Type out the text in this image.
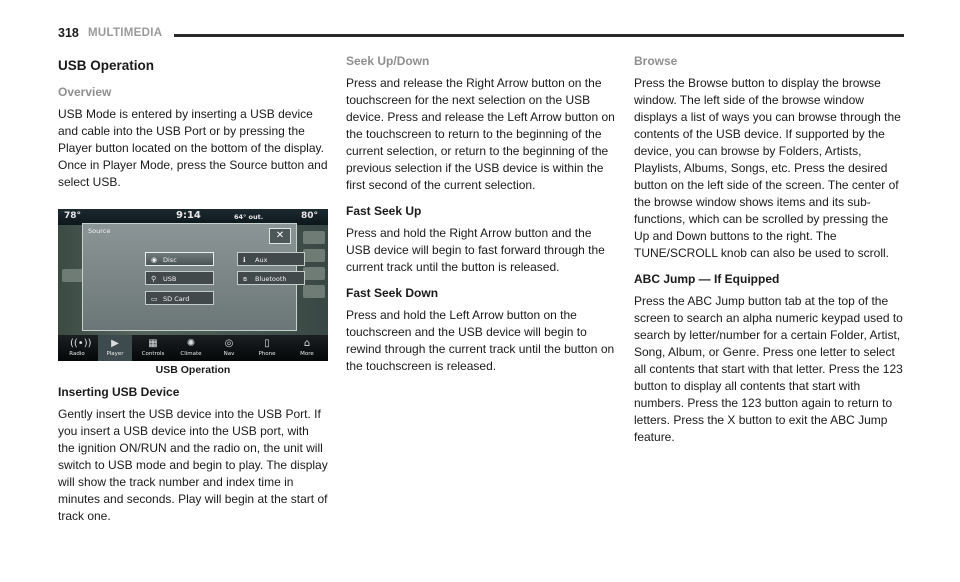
318 MULTIMEDIA
USB Operation
Overview

USB Mode is entered by inserting a USB device and cable into the USB Port or by pressing the Player button located on the bottom of the display. Once in Player Mode, press the Source button and select USB.

78°	9:14	64° out.	80°
Source	✕
◉ Disc	ℹ Aux
⚲ USB	ʙ Bluetooth
▭ SD Card
((•))
Radio
▶
Player
▦
Controls
✺
Climate
◎
Nav
▯
Phone
⌂
More
USB Operation
Inserting USB Device

Gently insert the USB device into the USB Port. If you insert a USB device into the USB port, with the ignition ON/RUN and the radio on, the unit will switch to USB mode and begin to play. The display will show the track number and index time in minutes and seconds. Play will begin at the start of track one.

Seek Up/Down

Press and release the Right Arrow button on the touchscreen for the next selection on the USB device. Press and release the Left Arrow button on the touchscreen to return to the beginning of the current selection, or return to the beginning of the previous selection if the USB device is within the first second of the current selection.

Fast Seek Up

Press and hold the Right Arrow button and the USB device will begin to fast forward through the current track until the button is released.

Fast Seek Down

Press and hold the Left Arrow button on the touchscreen and the USB device will begin to rewind through the current track until the button on the touchscreen is released.

Browse

Press the Browse button to display the browse window. The left side of the browse window displays a list of ways you can browse through the contents of the USB device. If supported by the device, you can browse by Folders, Artists, Playlists, Albums, Songs, etc. Press the desired button on the left side of the screen. The center of the browse window shows items and its sub-functions, which can be scrolled by pressing the Up and Down buttons to the right. The TUNE/SCROLL knob can also be used to scroll.

ABC Jump — If Equipped

Press the ABC Jump button tab at the top of the screen to search an alpha numeric keypad used to search by letter/number for a certain Folder, Artist, Song, Album, or Genre. Press one letter to select all contents that start with that letter. Press the 123 button to display all contents that start with numbers. Press the 123 button again to return to letters. Press the X button to exit the ABC Jump feature.
